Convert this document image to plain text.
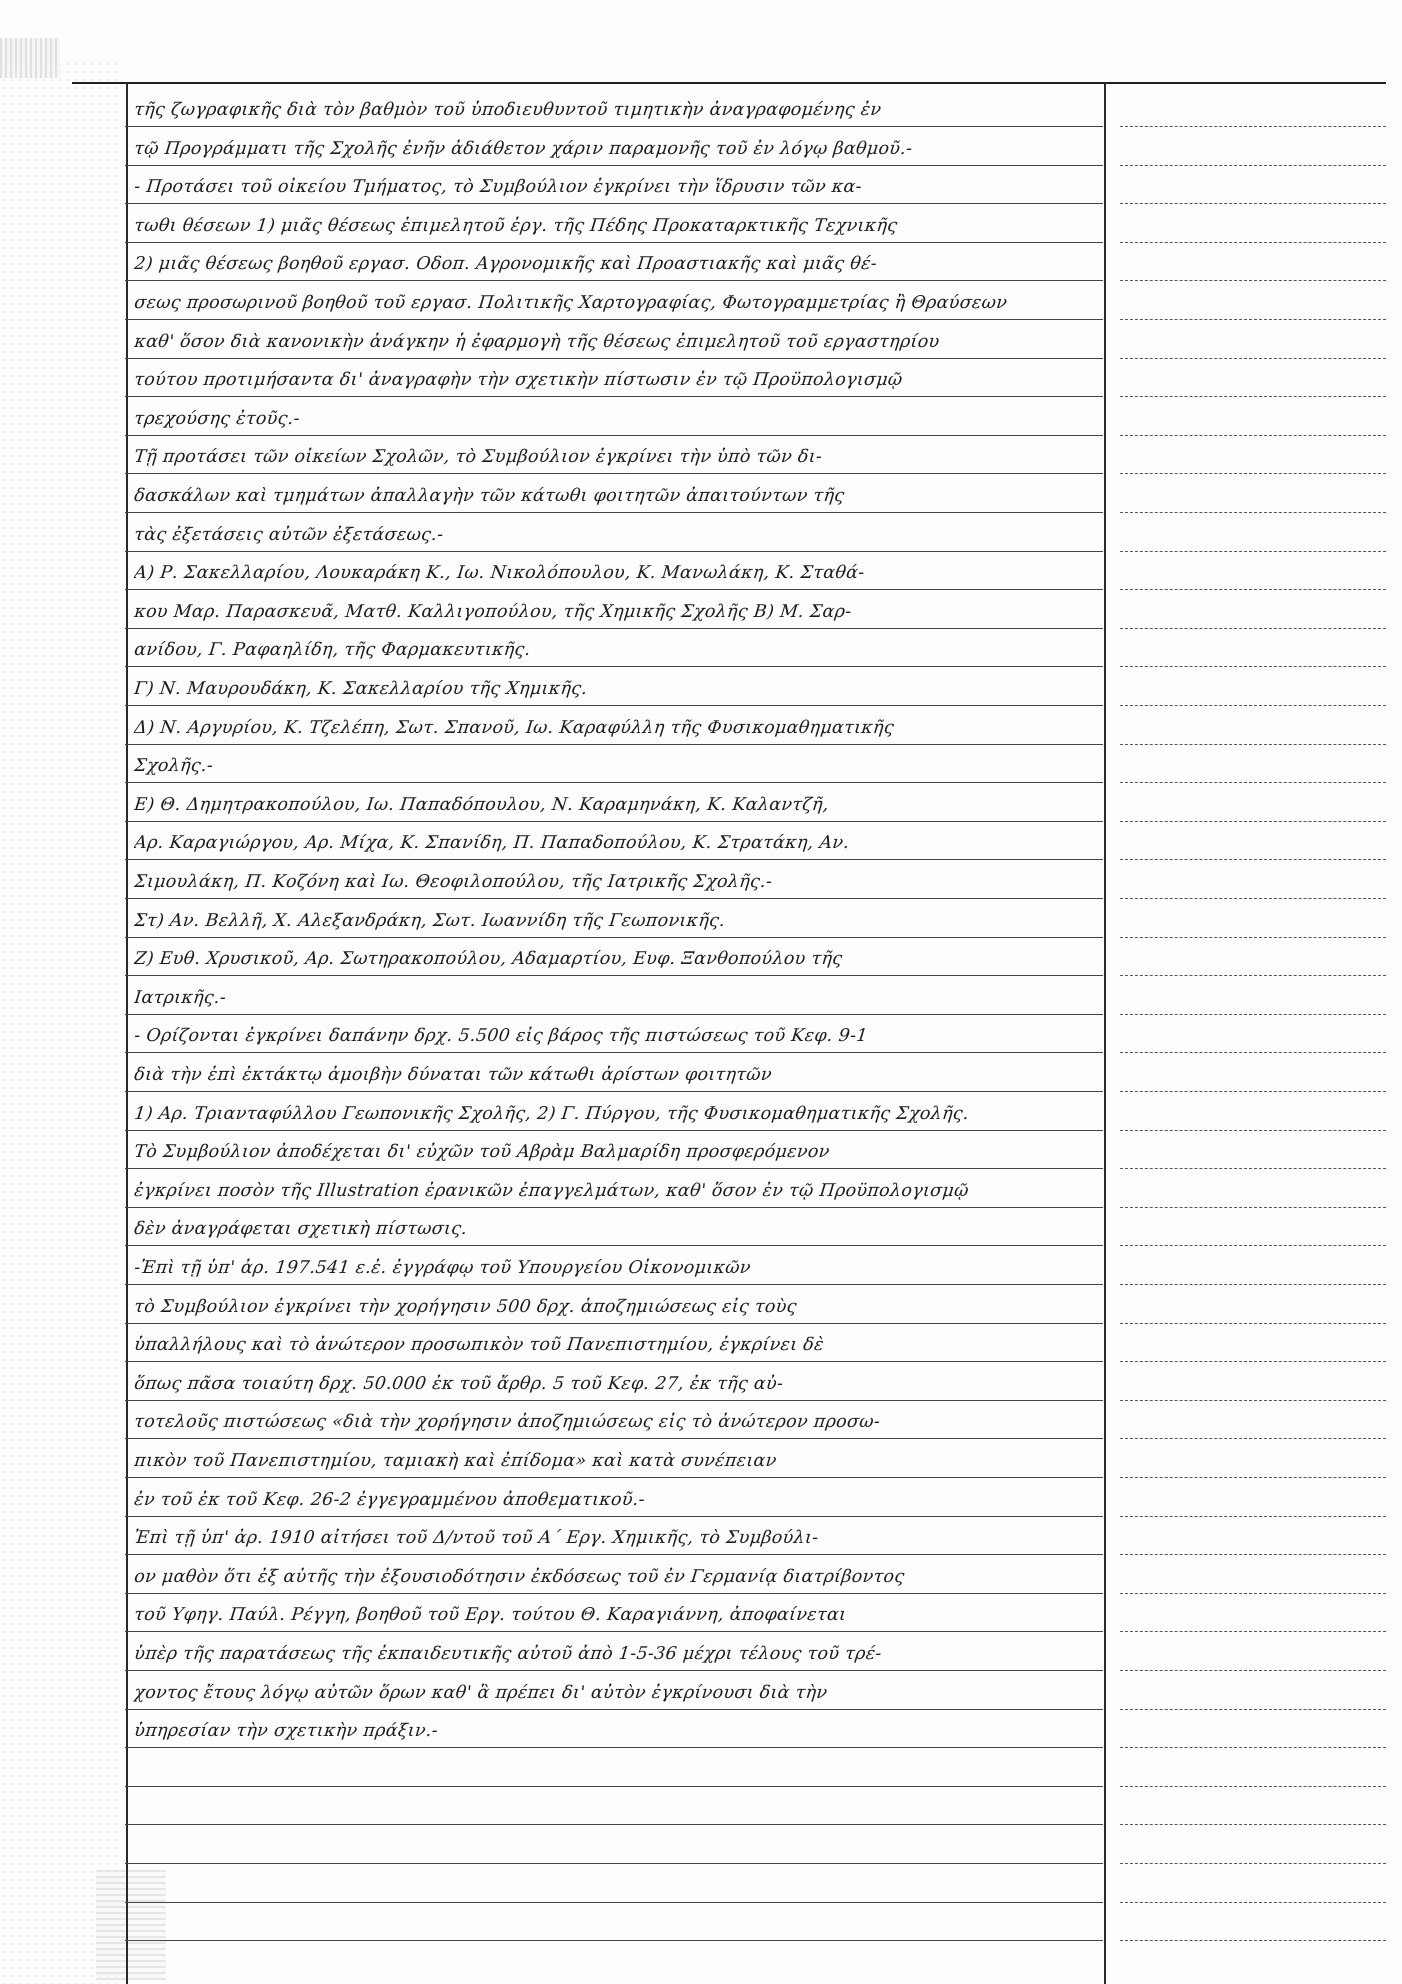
τῆς ζωγραφικῆς διὰ τὸν βαθμὸν τοῦ ὑποδιευθυντοῦ τιμητικὴν ἀναγραφομένης ἐν
τῷ Προγράμματι τῆς Σχολῆς ἐνῆν ἀδιάθετον χάριν παραμονῆς τοῦ ἐν λόγῳ βαθμοῦ.-
- Προτάσει τοῦ οἰκείου Τμήματος, τὸ Συμβούλιον ἐγκρίνει τὴν ἵδρυσιν τῶν κα-
τωθι θέσεων 1) μιᾶς θέσεως ἐπιμελητοῦ ἐργ. τῆς Πέδης Προκαταρκτικῆς Τεχνικῆς
2) μιᾶς θέσεως βοηθοῦ εργασ. Οδοπ. Αγρονομικῆς καὶ Προαστιακῆς καὶ μιᾶς θέ-
σεως προσωρινοῦ βοηθοῦ τοῦ εργασ. Πολιτικῆς Χαρτογραφίας, Φωτογραμμετρίας ἢ Θραύσεων
καθ' ὅσον διὰ κανονικὴν ἀνάγκην ἡ ἐφαρμογὴ τῆς θέσεως ἐπιμελητοῦ τοῦ εργαστηρίου
τούτου προτιμήσαντα δι' ἀναγραφὴν τὴν σχετικὴν πίστωσιν ἐν τῷ Προϋπολογισμῷ
τρεχούσης ἐτοῦς.-
Τῇ προτάσει τῶν οἰκείων Σχολῶν, τὸ Συμβούλιον ἐγκρίνει τὴν ὑπὸ τῶν δι-
δασκάλων καὶ τμημάτων ἀπαλλαγὴν τῶν κάτωθι φοιτητῶν ἀπαιτούντων τῆς
τὰς ἐξετάσεις αὐτῶν ἐξετάσεως.-
Α) Ρ. Σακελλαρίου, Λουκαράκη Κ., Ιω. Νικολόπουλου, Κ. Μανωλάκη, Κ. Σταθά-
κου Μαρ. Παρασκευᾶ, Ματθ. Καλλιγοπούλου, τῆς Χημικῆς Σχολῆς Β) Μ. Σαρ-
ανίδου, Γ. Ραφαηλίδη, τῆς Φαρμακευτικῆς.
Γ) Ν. Μαυρουδάκη, Κ. Σακελλαρίου τῆς Χημικῆς.
Δ) Ν. Αργυρίου, Κ. Τζελέπη, Σωτ. Σπανοῦ, Ιω. Καραφύλλη τῆς Φυσικομαθηματικῆς
Σχολῆς.-
Ε) Θ. Δημητρακοπούλου, Ιω. Παπαδόπουλου, Ν. Καραμηνάκη, Κ. Καλαντζῆ,
Αρ. Καραγιώργου, Αρ. Μίχα, Κ. Σπανίδη, Π. Παπαδοπούλου, Κ. Στρατάκη, Αν.
Σιμουλάκη, Π. Κοζόνη καὶ Ιω. Θεοφιλοπούλου, τῆς Ιατρικῆς Σχολῆς.-
Στ) Αν. Βελλῆ, Χ. Αλεξανδράκη, Σωτ. Ιωαννίδη τῆς Γεωπονικῆς.
Ζ) Ευθ. Χρυσικοῦ, Αρ. Σωτηρακοπούλου, Αδαμαρτίου, Ευφ. Ξανθοπούλου τῆς
Ιατρικῆς.-
- Ορίζονται ἐγκρίνει δαπάνην δρχ. 5.500 εἰς βάρος τῆς πιστώσεως τοῦ Κεφ. 9-1
διὰ τὴν ἐπὶ ἐκτάκτῳ ἀμοιβὴν δύναται τῶν κάτωθι ἀρίστων φοιτητῶν
1) Αρ. Τριανταφύλλου Γεωπονικῆς Σχολῆς, 2) Γ. Πύργου, τῆς Φυσικομαθηματικῆς Σχολῆς.
Τὸ Συμβούλιον ἀποδέχεται δι' εὐχῶν τοῦ Αβρὰμ Βαλμαρίδη προσφερόμενον
ἐγκρίνει ποσὸν τῆς Illustration ἐρανικῶν ἐπαγγελμάτων, καθ' ὅσον ἐν τῷ Προϋπολογισμῷ
δὲν ἀναγράφεται σχετικὴ πίστωσις.
-Ἐπὶ τῇ ὑπ' ἀρ. 197.541 ε.ἐ. ἐγγράφῳ τοῦ Υπουργείου Οἰκονομικῶν
τὸ Συμβούλιον ἐγκρίνει τὴν χορήγησιν 500 δρχ. ἀποζημιώσεως εἰς τοὺς
ὑπαλλήλους καὶ τὸ ἀνώτερον προσωπικὸν τοῦ Πανεπιστημίου, ἐγκρίνει δὲ
ὅπως πᾶσα τοιαύτη δρχ. 50.000 ἐκ τοῦ ἄρθρ. 5 τοῦ Κεφ. 27, ἐκ τῆς αὐ-
τοτελοῦς πιστώσεως «διὰ τὴν χορήγησιν ἀποζημιώσεως εἰς τὸ ἀνώτερον προσω-
πικὸν τοῦ Πανεπιστημίου, ταμιακὴ καὶ ἐπίδομα» καὶ κατὰ συνέπειαν
ἐν τοῦ ἐκ τοῦ Κεφ. 26-2 ἐγγεγραμμένου ἀποθεματικοῦ.-
Ἐπὶ τῇ ὑπ' ἀρ. 1910 αἰτήσει τοῦ Δ/ντοῦ τοῦ Α΄ Εργ. Χημικῆς, τὸ Συμβούλι-
ον μαθὸν ὅτι ἐξ αὐτῆς τὴν ἐξουσιοδότησιν ἐκδόσεως τοῦ ἐν Γερμανίᾳ διατρίβοντος
τοῦ Υφηγ. Παύλ. Ρέγγη, βοηθοῦ τοῦ Εργ. τούτου Θ. Καραγιάννη, ἀποφαίνεται
ὑπὲρ τῆς παρατάσεως τῆς ἐκπαιδευτικῆς αὐτοῦ ἀπὸ 1-5-36 μέχρι τέλους τοῦ τρέ-
χοντος ἔτους λόγῳ αὐτῶν ὅρων καθ' ἃ πρέπει δι' αὐτὸν ἐγκρίνουσι διὰ τὴν
ὑπηρεσίαν τὴν σχετικὴν πράξιν.-
